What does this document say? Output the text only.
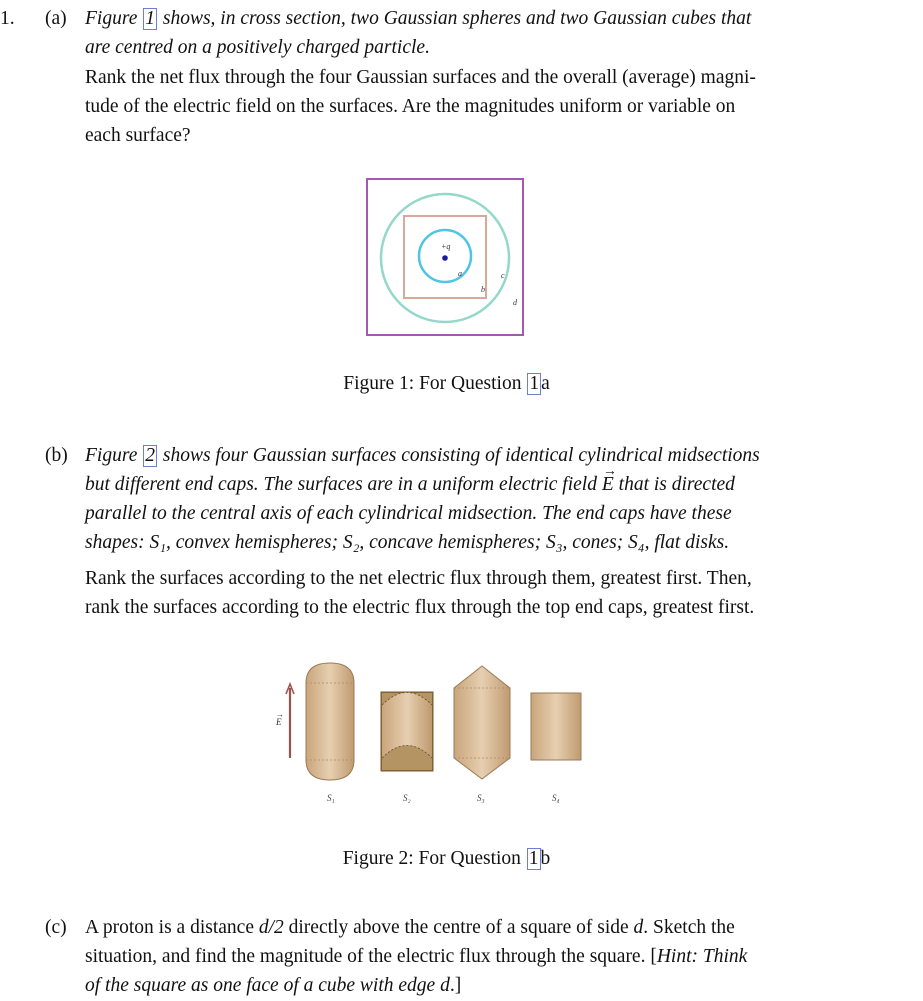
1. (a) Figure 1 shows, in cross section, two Gaussian spheres and two Gaussian cubes that
are centred on a positively charged particle.
Rank the net flux through the four Gaussian surfaces and the overall (average) magni-
tude of the electric field on the surfaces. Are the magnitudes uniform or variable on
each surface?
+q
a
b
c
d
Figure 1: For Question 1 a
(b) Figure 2 shows four Gaussian surfaces consisting of identical cylindrical midsections
but different end caps. The surfaces are in a uniform electric field
→
E that is directed
parallel to the central axis of each cylindrical midsection. The end caps have these
shapes: S₁, convex hemispheres; S₂, concave hemispheres; S₃, cones; S₄, flat disks.
Rank the surfaces according to the net electric flux through them, greatest first. Then,
rank the surfaces according to the electric flux through the top end caps, greatest first.
E
→
S₁	S₂	S₃	S₄
Figure 2: For Question 1 b
(c) A proton is a distance d/2 directly above the centre of a square of side d. Sketch the
situation, and find the magnitude of the electric flux through the square. [Hint: Think
of the square as one face of a cube with edge d.]
